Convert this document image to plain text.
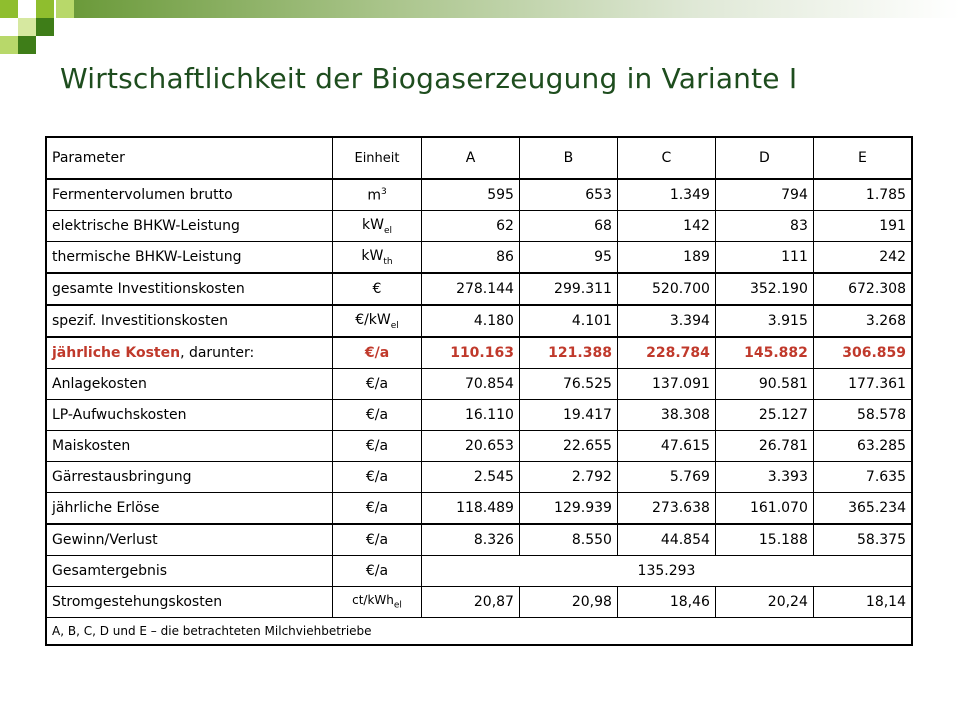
Wirtschaftlichkeit der Biogaserzeugung in Variante I
Parameter	Einheit	A	B	C	D	E
Fermentervolumen brutto	$m^3$	595	653	1.349	794	1.785
elektrische BHKW-Leistung	$kW_{el}$	62	68	142	83	191
thermische BHKW-Leistung	$kW_{th}$	86	95	189	111	242
gesamte Investitionskosten	€	278.144	299.311	520.700	352.190	672.308
spezif. Investitionskosten	$€/kW_{el}$	4.180	4.101	3.394	3.915	3.268
jährliche Kosten, darunter:	€/a	110.163	121.388	228.784	145.882	306.859
Anlagekosten	€/a	70.854	76.525	137.091	90.581	177.361
LP-Aufwuchskosten	€/a	16.110	19.417	38.308	25.127	58.578
Maiskosten	€/a	20.653	22.655	47.615	26.781	63.285
Gärrestausbringung	€/a	2.545	2.792	5.769	3.393	7.635
jährliche Erlöse	€/a	118.489	129.939	273.638	161.070	365.234
Gewinn/Verlust	€/a	8.326	8.550	44.854	15.188	58.375
Gesamtergebnis	€/a	135.293				
Stromgestehungskosten	ct/kWh$_{el}$	20,87	20,98	18,46	20,24	18,14
A, B, C, D und E – die betrachteten Milchviehbetriebe						
